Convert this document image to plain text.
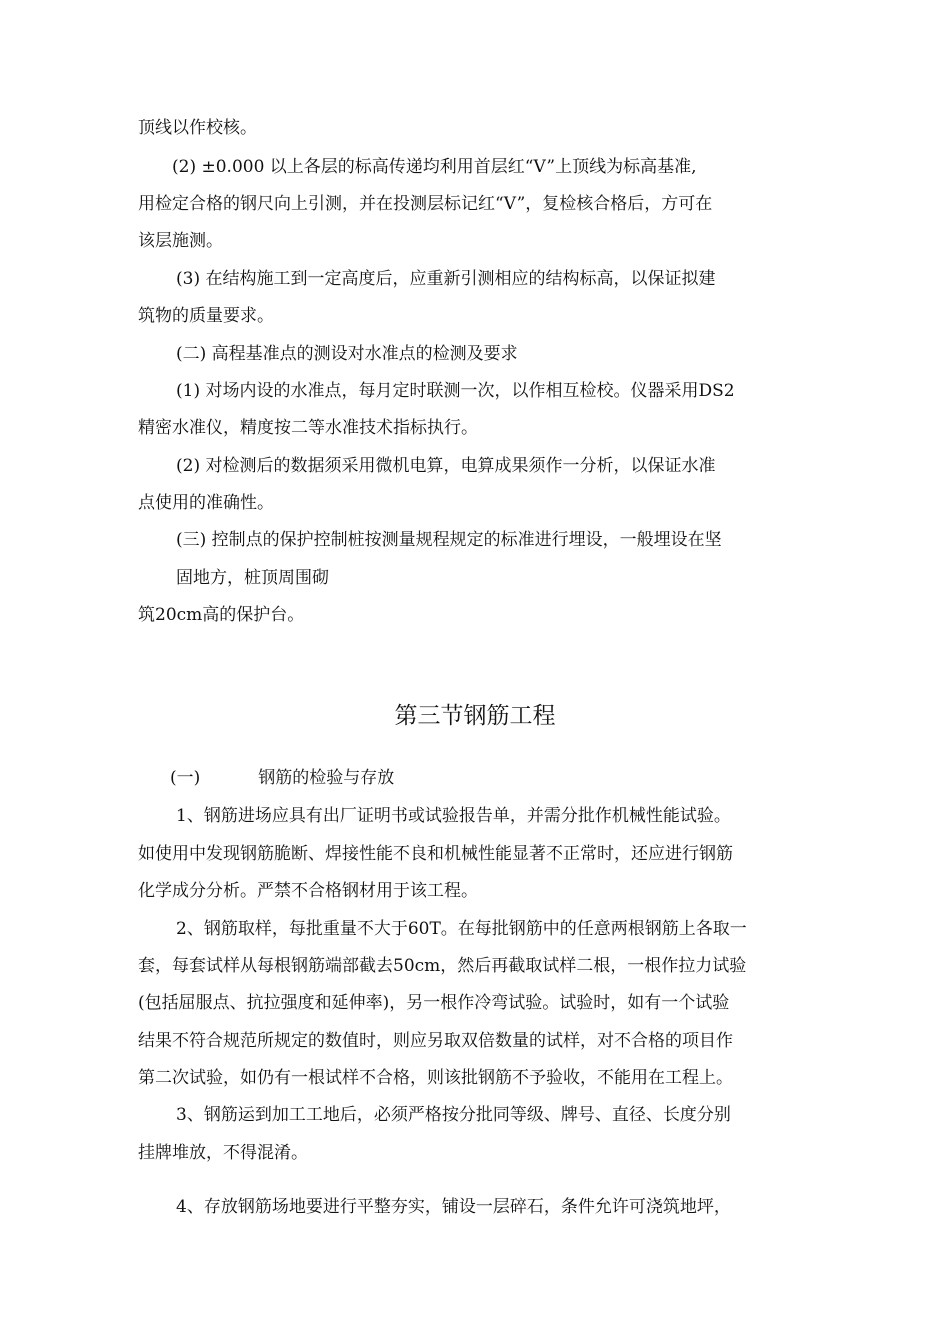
顶线以作校核。
(2) ±0.000 以上各层的标高传递均利用首层红“V”上顶线为标高基准,
用检定合格的钢尺向上引测，并在投测层标记红“V”，复检核合格后，方可在
该层施测。
(3) 在结构施工到一定高度后，应重新引测相应的结构标高，以保证拟建
筑物的质量要求。
(二) 高程基准点的测设对水准点的检测及要求
(1) 对场内设的水准点，每月定时联测一次，以作相互检校。仪器采用DS2
精密水准仪，精度按二等水准技术指标执行。
(2) 对检测后的数据须采用微机电算，电算成果须作一分析，以保证水准
点使用的准确性。
(三) 控制点的保护控制桩按测量规程规定的标准进行埋设，一般埋设在坚
固地方，桩顶周围砌
筑20cm高的保护台。
第三节钢筋工程
(一)	钢筋的检验与存放
1、钢筋进场应具有出厂证明书或试验报告单，并需分批作机械性能试验。
如使用中发现钢筋脆断、焊接性能不良和机械性能显著不正常时，还应进行钢筋
化学成分分析。严禁不合格钢材用于该工程。
2、钢筋取样，每批重量不大于60T。在每批钢筋中的任意两根钢筋上各取一
套，每套试样从每根钢筋端部截去50cm，然后再截取试样二根，一根作拉力试验
(包括屈服点、抗拉强度和延伸率)，另一根作冷弯试验。试验时，如有一个试验
结果不符合规范所规定的数值时，则应另取双倍数量的试样，对不合格的项目作
第二次试验，如仍有一根试样不合格，则该批钢筋不予验收，不能用在工程上。
3、钢筋运到加工工地后，必须严格按分批同等级、牌号、直径、长度分别
挂牌堆放，不得混淆。
4、存放钢筋场地要进行平整夯实，铺设一层碎石，条件允许可浇筑地坪，
